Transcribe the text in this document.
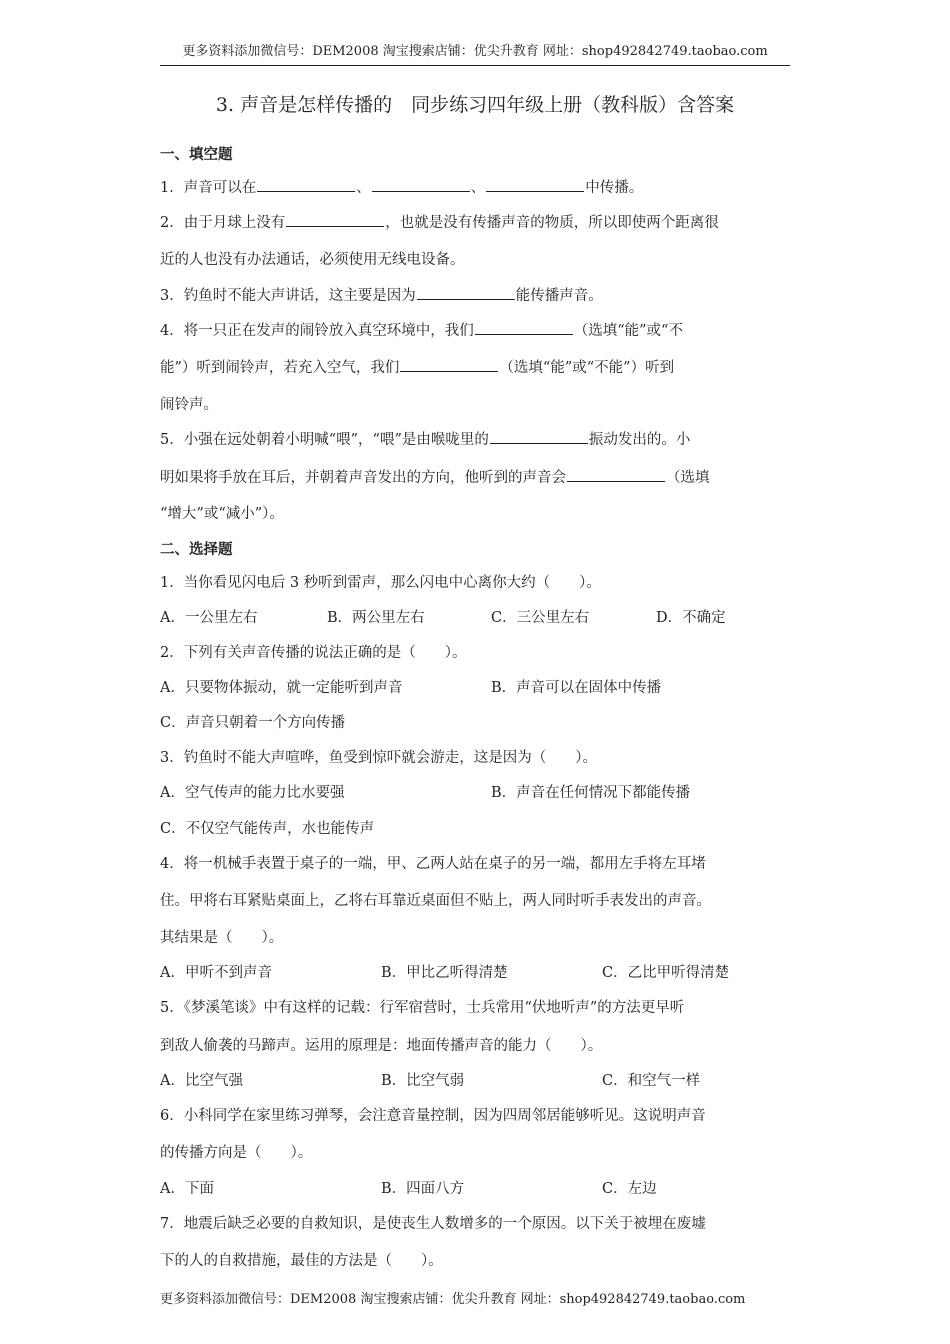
更多资料添加微信号：DEM2008 淘宝搜索店铺：优尖升教育 网址：shop492842749.taobao.com
3. 声音是怎样传播的　同步练习四年级上册（教科版）含答案
一、填空题
1．声音可以在	、	、	中传播。
2．由于月球上没有	，也就是没有传播声音的物质，所以即使两个距离很
近的人也没有办法通话，必须使用无线电设备。
3．钓鱼时不能大声讲话，这主要是因为	能传播声音。
4．将一只正在发声的闹铃放入真空环境中，我们	（选填“能”或“不
能”）听到闹铃声，若充入空气，我们	（选填“能”或“不能”）听到
闹铃声。
5．小强在远处朝着小明喊“喂”，“喂”是由喉咙里的	振动发出的。小
明如果将手放在耳后，并朝着声音发出的方向，他听到的声音会	（选填
“增大”或“减小”）。
二、选择题
1．当你看见闪电后 3 秒听到雷声，那么闪电中心离你大约（　　）。
A．一公里左右	B．两公里左右	C．三公里左右	D．不确定
2．下列有关声音传播的说法正确的是（　　）。
A．只要物体振动，就一定能听到声音	B．声音可以在固体中传播
C．声音只朝着一个方向传播
3．钓鱼时不能大声喧哗，鱼受到惊吓就会游走，这是因为（　　）。
A．空气传声的能力比水要强	B．声音在任何情况下都能传播
C．不仅空气能传声，水也能传声
4．将一机械手表置于桌子的一端，甲、乙两人站在桌子的另一端，都用左手将左耳堵
住。甲将右耳紧贴桌面上，乙将右耳靠近桌面但不贴上，两人同时听手表发出的声音。
其结果是（　　）。
A．甲听不到声音	B．甲比乙听得清楚	C．乙比甲听得清楚
5．《梦溪笔谈》中有这样的记载：行军宿营时，士兵常用“伏地听声”的方法更早听
到敌人偷袭的马蹄声。运用的原理是：地面传播声音的能力（　　）。
A．比空气强	B．比空气弱	C．和空气一样
6．小科同学在家里练习弹琴，会注意音量控制，因为四周邻居能够听见。这说明声音
的传播方向是（　　）。
A．下面	B．四面八方	C．左边
7．地震后缺乏必要的自救知识，是使丧生人数增多的一个原因。以下关于被埋在废墟
下的人的自救措施，最佳的方法是（　　）。
更多资料添加微信号：DEM2008 淘宝搜索店铺：优尖升教育 网址：shop492842749.taobao.com
